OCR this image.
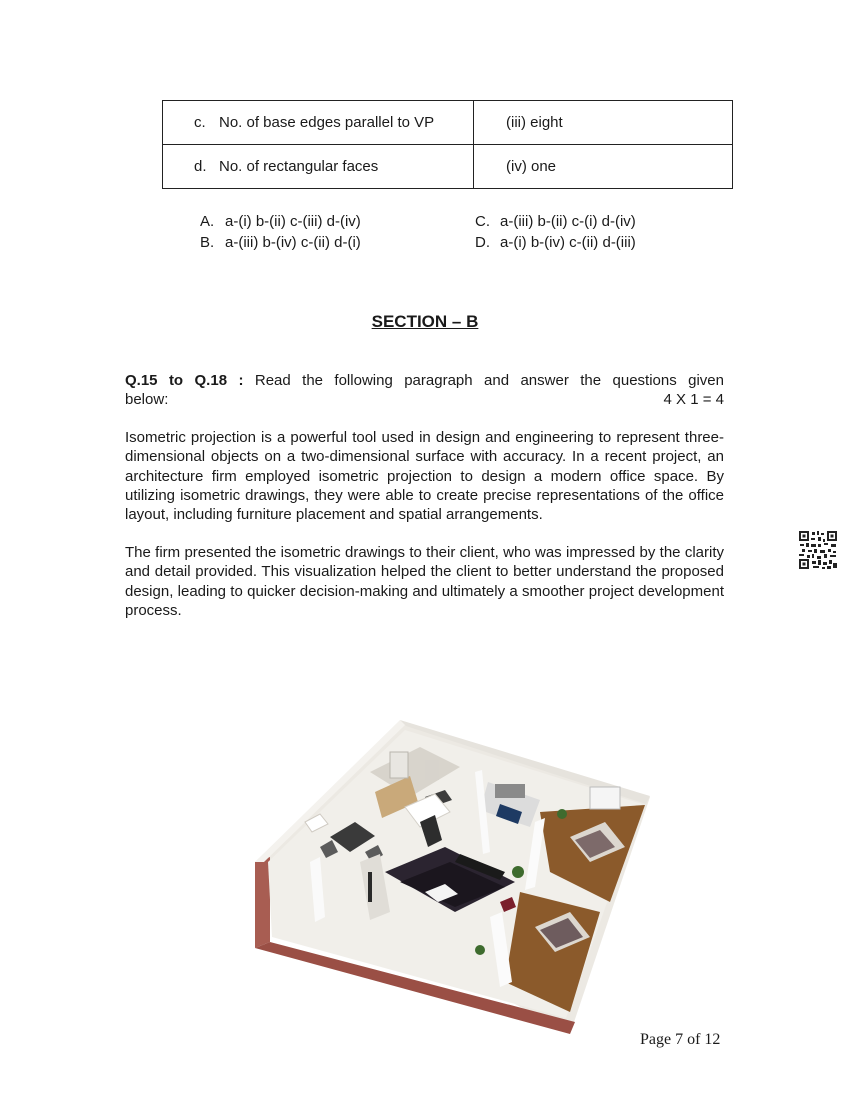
c. No. of base edges parallel to VP	(iii) eight
d. No. of rectangular faces	(iv) one
A. a-(i) b-(ii) c-(iii) d-(iv)
B. a-(iii) b-(iv) c-(ii) d-(i)
C. a-(iii) b-(ii) c-(i) d-(iv)
D. a-(i) b-(iv) c-(ii) d-(iii)
SECTION – B
Q.15 to Q.18 : Read the following paragraph and answer the questions given
below:	4 X 1 = 4
Isometric projection is a powerful tool used in design and engineering to represent three-dimensional objects on a two-dimensional surface with accuracy. In a recent project, an architecture firm employed isometric projection to design a modern office space. By utilizing isometric drawings, they were able to create precise representations of the office layout, including furniture placement and spatial arrangements.
The firm presented the isometric drawings to their client, who was impressed by the clarity and detail provided. This visualization helped the client to better understand the proposed design, leading to quicker decision-making and ultimately a smoother project development process.
Page 7 of 12
